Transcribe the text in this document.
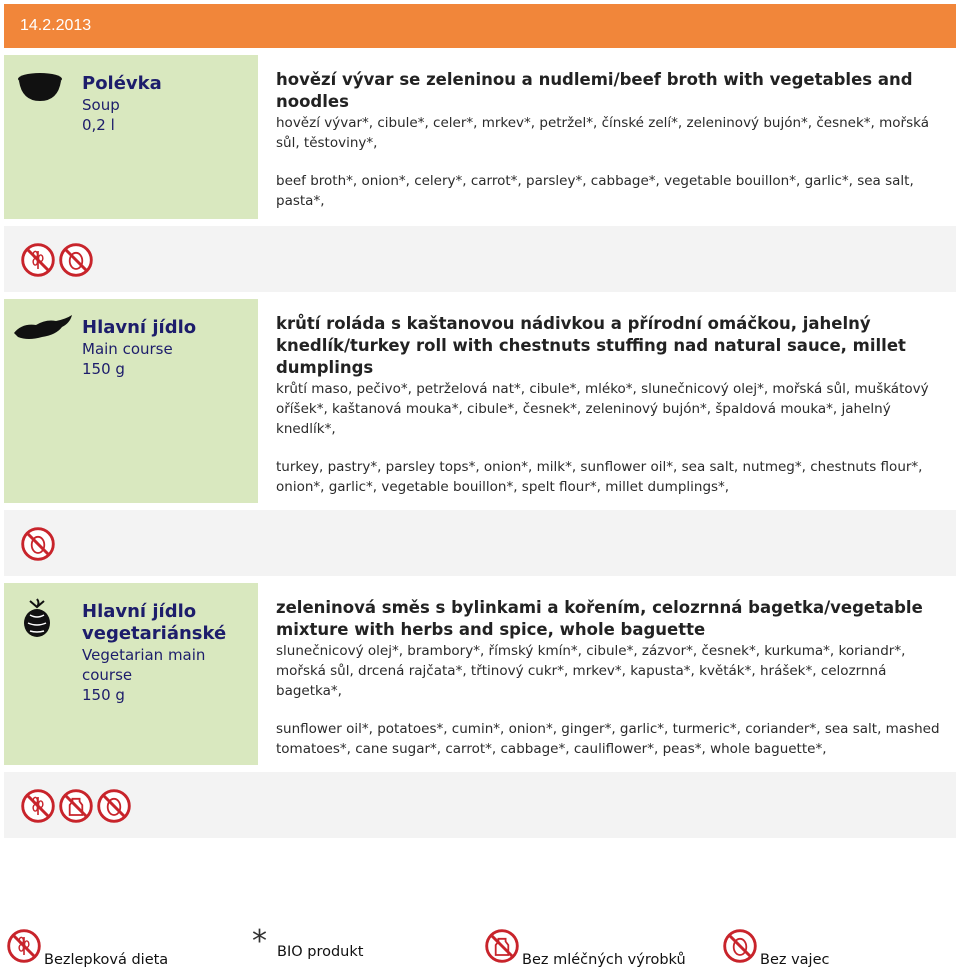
14.2.2013
Polévka
Soup
0,2 l
hovězí vývar se zeleninou a nudlemi/beef broth with vegetables and noodles
hovězí vývar*, cibule*, celer*, mrkev*, petržel*, čínské zelí*, zeleninový bujón*, česnek*, mořská sůl, těstoviny*,
beef broth*, onion*, celery*, carrot*, parsley*, cabbage*, vegetable bouillon*, garlic*, sea salt, pasta*,
Hlavní jídlo
Main course
150 g
krůtí roláda s kaštanovou nádivkou a přírodní omáčkou, jahelný knedlík/turkey roll with chestnuts stuffing nad natural sauce, millet dumplings
krůtí maso, pečivo*, petrželová nat*, cibule*, mléko*, slunečnicový olej*, mořská sůl, muškátový oříšek*, kaštanová mouka*, cibule*, česnek*, zeleninový bujón*, špaldová mouka*, jahelný knedlík*,
turkey, pastry*, parsley tops*, onion*, milk*, sunflower oil*, sea salt, nutmeg*, chestnuts flour*, onion*, garlic*, vegetable bouillon*, spelt flour*, millet dumplings*,
Hlavní jídlo vegetariánské
Vegetarian main course
150 g
zeleninová směs s bylinkami a kořením, celozrnná bagetka/vegetable mixture with herbs and spice, whole baguette
slunečnicový olej*, brambory*, římský kmín*, cibule*, zázvor*, česnek*, kurkuma*, koriandr*, mořská sůl, drcená rajčata*, třtinový cukr*, mrkev*, kapusta*, květák*, hrášek*, celozrnná bagetka*,
sunflower oil*, potatoes*, cumin*, onion*, ginger*, garlic*, turmeric*, coriander*, sea salt, mashed tomatoes*, cane sugar*, carrot*, cabbage*, cauliflower*, peas*, whole baguette*,
Bezlepková dieta
* BIO produkt	Bez mléčných výrobků	Bez vajec
